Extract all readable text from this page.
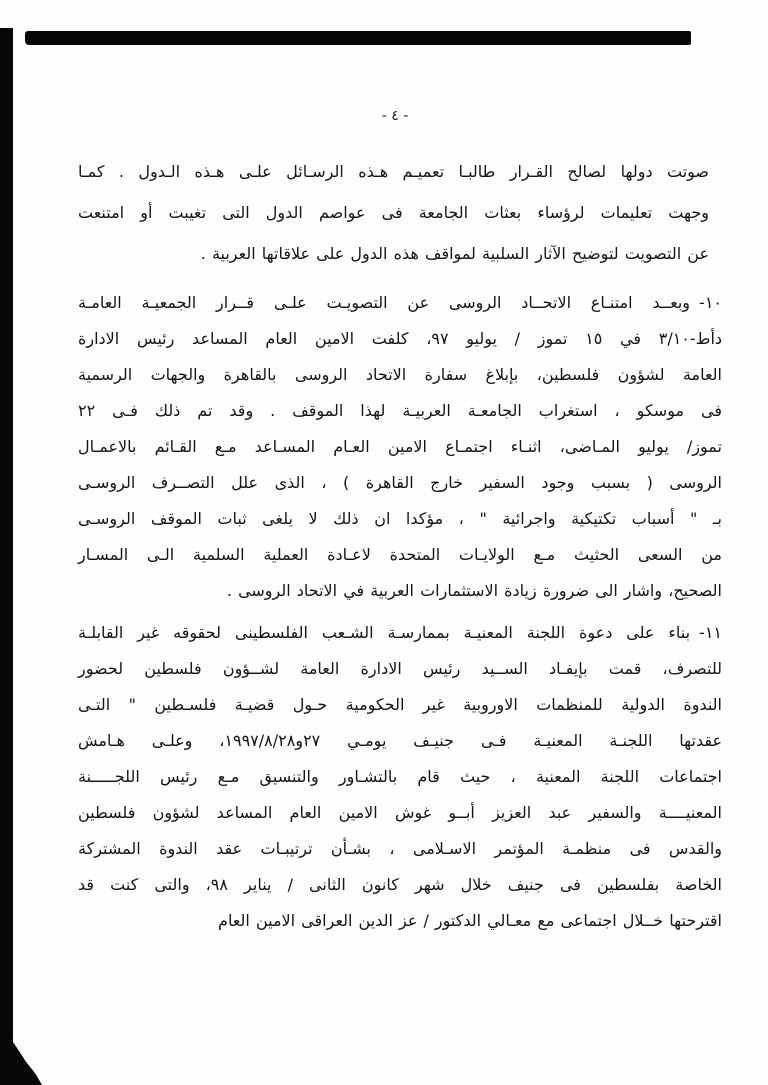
- ٤ -
صوتت دولها لصالح القـرار طالبـا تعميـم هـذه الرسـائل علـى هـذه الـدول . كمـا
وجهت تعليمات لرؤساء بعثات الجامعة فى عواصم الدول التى تغيبت أو امتنعت
عن التصويت لتوضيح الآثار السلبية لمواقف هذه الدول على علاقاتها العربية .
١٠-وبعــد امتنـاع الاتحــاد الروسى عن التصويـت علـى قــرار الجمعيـة العامـة
دأط-٣/١٠ في ١٥ تموز / يوليو ٩٧، كلفت الامين العام المساعد رئيس الادارة
العامة لشؤون فلسطين، بإبلاغ سفارة الاتحاد الروسى بالقاهرة والجهات الرسمية
فى موسكو ، استغراب الجامعـة العربيـة لهذا الموقف . وقد تم ذلك فـى ٢٢
تموز/ يوليو المـاضى، اثنـاء اجتمـاع الامين العـام المسـاعد مـع القـائم بالاعمـال
الروسى ( بسبب وجود السفير خارج القاهرة ) ، الذى علل التصــرف الروسـى
بـ " أسباب تكتيكية واجرائية " ، مؤكدا ان ذلك لا يلغى ثبات الموقف الروسـى
من السعى الحثيث مـع الولايـات المتحدة لاعـادة العملية السلمية الـى المسـار
الصحيح، واشار الى ضرورة زيادة الاستثمارات العربية في الاتحاد الروسى .
١١-بناء على دعوة اللجنة المعنيـة بممارسـة الشـعب الفلسطينى لحقوقه غير القابلـة
للتصرف، قمت بإيفـاد الســيد رئيس الادارة العامة لشــؤون فلسطين لحضور
الندوة الدولية للمنظمات الاوروبية غير الحكومية حـول قضيـة فلسـطين " التـى
عقدتها اللجنـة المعنيـة فـى جنيـف يومـي ٢٧و١٩٩٧/٨/٢٨، وعلـى هـامش
اجتماعات اللجنة المعنية ، حيث قام بالتشـاور والتنسيق مـع رئيس اللجـــــنة
المعنيــــة والسفير عبد العزيز أبــو غوش الامين العام المساعد لشؤون فلسطين
والقدس فى منظمـة المؤتمر الاسـلامى ، بشـأن ترتيبـات عقد الندوة المشتركة
الخاصة بفلسطين فى جنيف خلال شهر كانون الثانى / يناير ٩٨، والتى كنت قد
اقترحتها خــلال اجتماعى مع معـالي الدكتور / عز الدين العراقى الامين العام
